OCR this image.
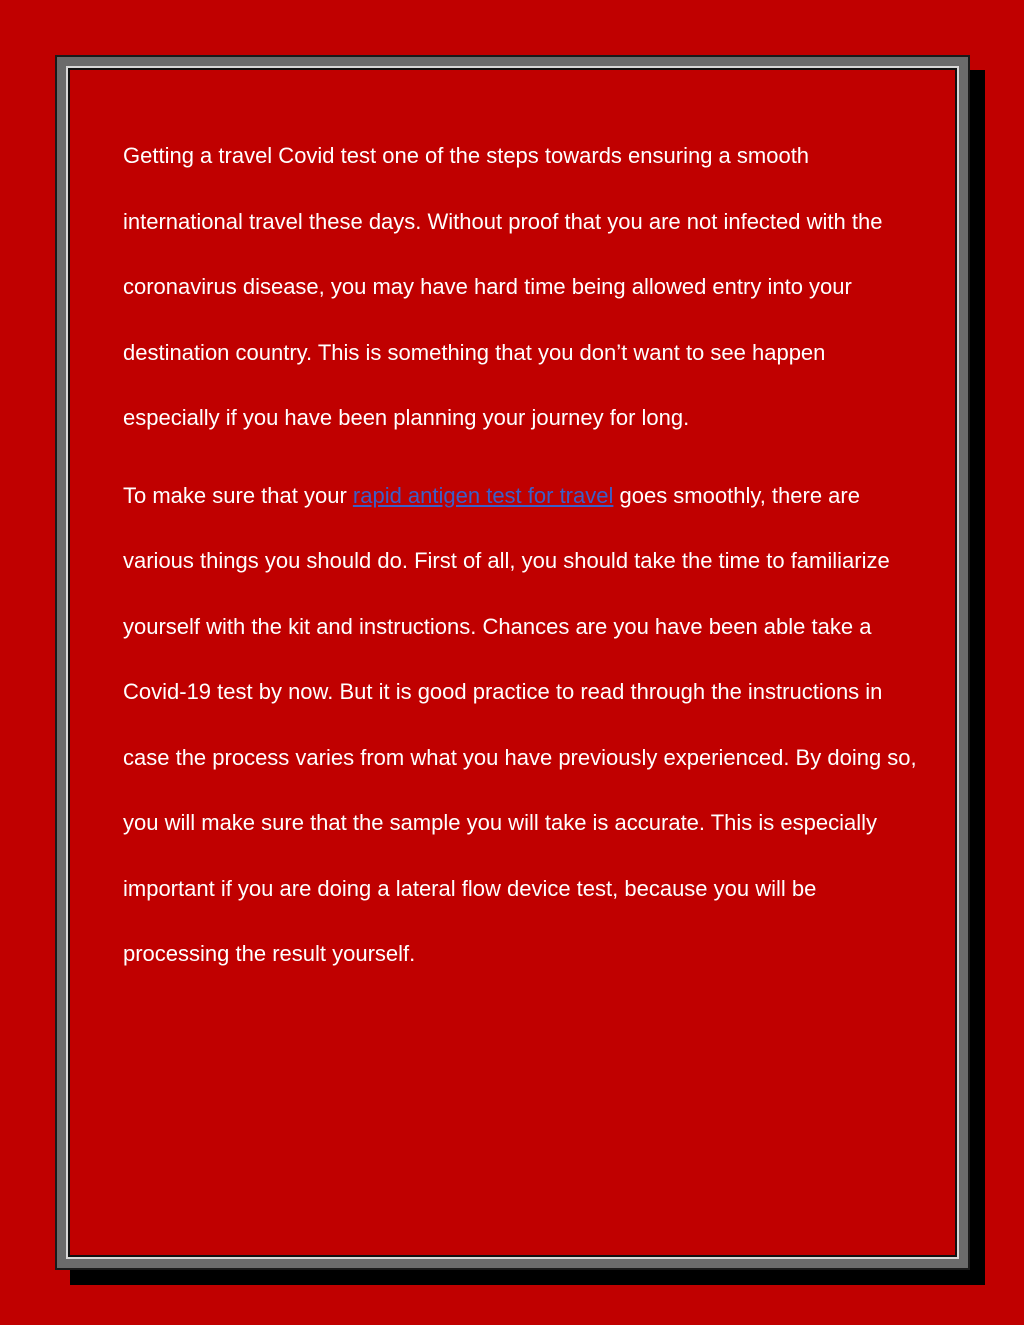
Getting a travel Covid test one of the steps towards ensuring a smooth international travel these days. Without proof that you are not infected with the coronavirus disease, you may have hard time being allowed entry into your destination country. This is something that you don’t want to see happen especially if you have been planning your journey for long.

To make sure that your rapid antigen test for travel goes smoothly, there are various things you should do. First of all, you should take the time to familiarize yourself with the kit and instructions. Chances are you have been able take a Covid-19 test by now. But it is good practice to read through the instructions in case the process varies from what you have previously experienced. By doing so, you will make sure that the sample you will take is accurate. This is especially important if you are doing a lateral flow device test, because you will be processing the result yourself.
